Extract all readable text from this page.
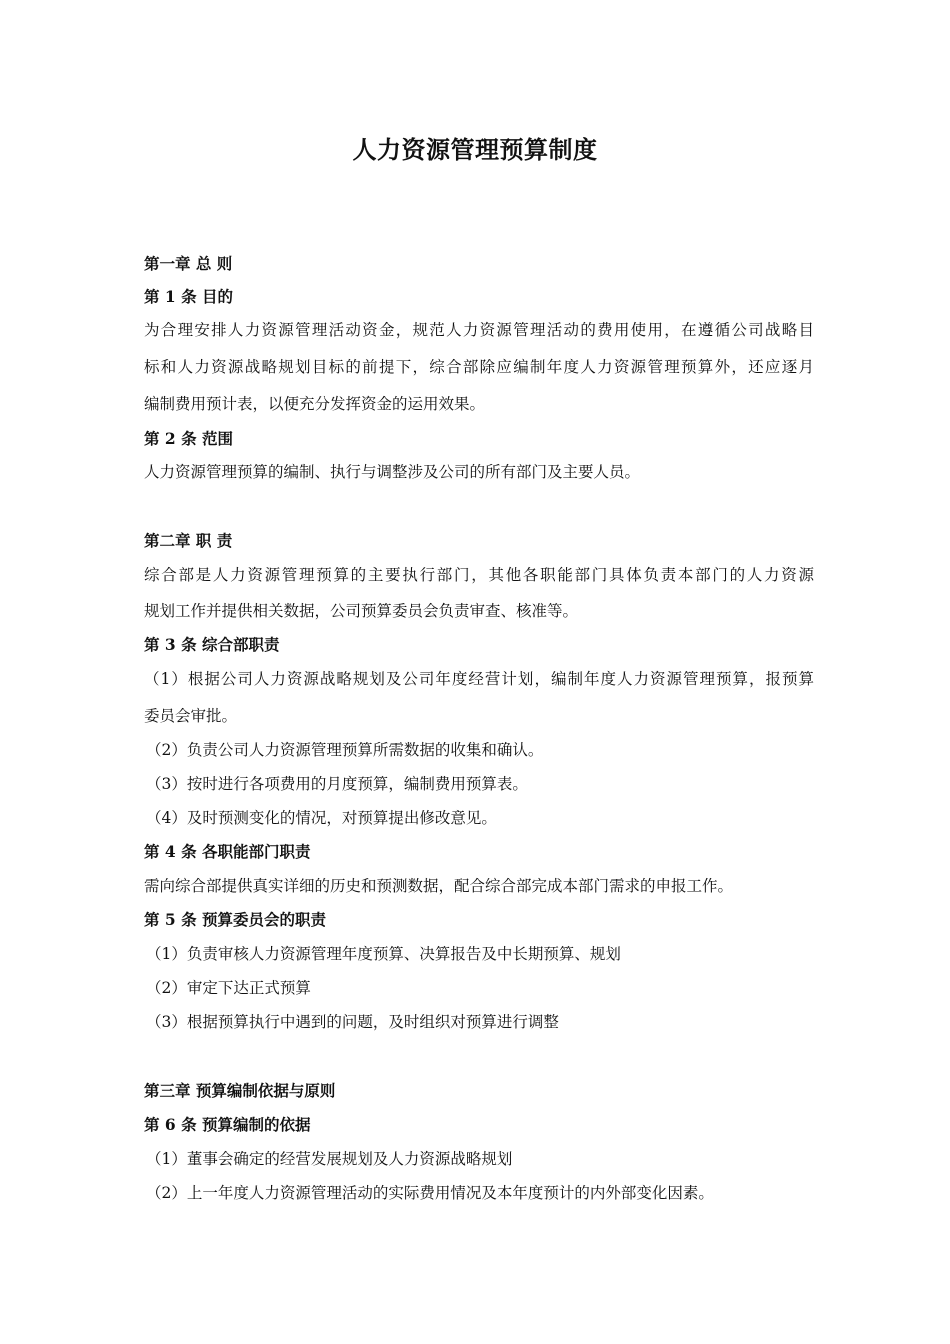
人力资源管理预算制度

第一章 总 则

第 1 条 目的

为合理安排人力资源管理活动资金，规范人力资源管理活动的费用使用，在遵循公司战略目

标和人力资源战略规划目标的前提下，综合部除应编制年度人力资源管理预算外，还应逐月

编制费用预计表，以便充分发挥资金的运用效果。

第 2 条 范围

人力资源管理预算的编制、执行与调整涉及公司的所有部门及主要人员。

第二章 职 责

综合部是人力资源管理预算的主要执行部门，其他各职能部门具体负责本部门的人力资源

规划工作并提供相关数据，公司预算委员会负责审查、核准等。

第 3 条 综合部职责

（1）根据公司人力资源战略规划及公司年度经营计划，编制年度人力资源管理预算，报预算

委员会审批。

（2）负责公司人力资源管理预算所需数据的收集和确认。

（3）按时进行各项费用的月度预算，编制费用预算表。

（4）及时预测变化的情况，对预算提出修改意见。

第 4 条 各职能部门职责

需向综合部提供真实详细的历史和预测数据，配合综合部完成本部门需求的申报工作。

第 5 条 预算委员会的职责

（1）负责审核人力资源管理年度预算、决算报告及中长期预算、规划

（2）审定下达正式预算

（3）根据预算执行中遇到的问题，及时组织对预算进行调整

第三章 预算编制依据与原则

第 6 条 预算编制的依据

（1）董事会确定的经营发展规划及人力资源战略规划

（2）上一年度人力资源管理活动的实际费用情况及本年度预计的内外部变化因素。
